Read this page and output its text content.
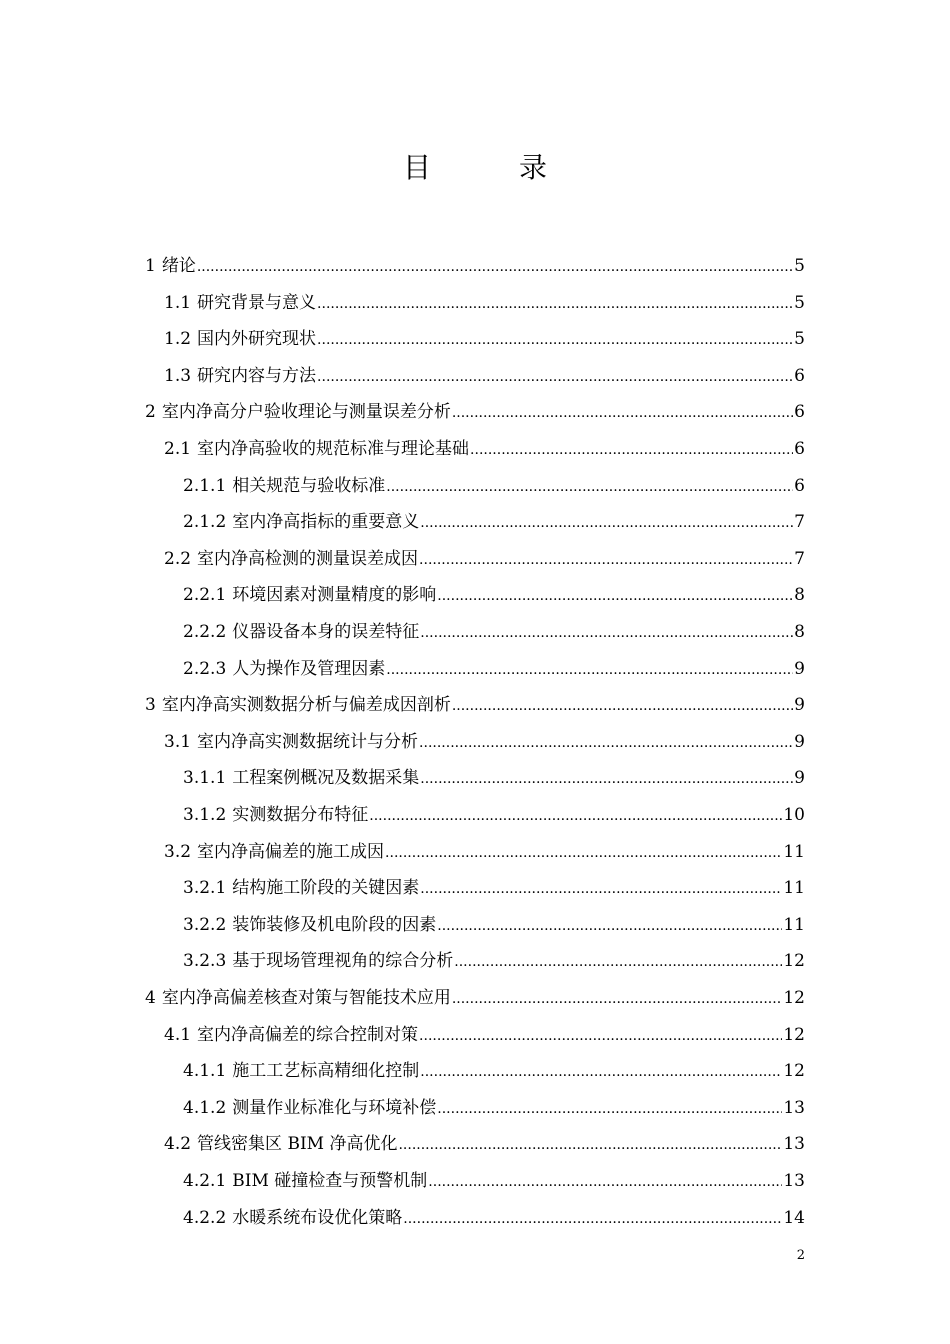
目　录
1 绪论 .....	5
1.1 研究背景与意义 .....	5
1.2 国内外研究现状 .....	5
1.3 研究内容与方法 .....	6
2 室内净高分户验收理论与测量误差分析 .....	6
2.1 室内净高验收的规范标准与理论基础 .....	6
2.1.1 相关规范与验收标准 .....	6
2.1.2 室内净高指标的重要意义 .....	7
2.2 室内净高检测的测量误差成因 .....	7
2.2.1 环境因素对测量精度的影响 .....	8
2.2.2 仪器设备本身的误差特征 .....	8
2.2.3 人为操作及管理因素 .....	9
3 室内净高实测数据分析与偏差成因剖析 .....	9
3.1 室内净高实测数据统计与分析 .....	9
3.1.1 工程案例概况及数据采集 .....	9
3.1.2 实测数据分布特征 .....	10
3.2 室内净高偏差的施工成因 .....	11
3.2.1 结构施工阶段的关键因素 .....	11
3.2.2 装饰装修及机电阶段的因素 .....	11
3.2.3 基于现场管理视角的综合分析 .....	12
4 室内净高偏差核查对策与智能技术应用 .....	12
4.1 室内净高偏差的综合控制对策 .....	12
4.1.1 施工工艺标高精细化控制 .....	12
4.1.2 测量作业标准化与环境补偿 .....	13
4.2 管线密集区 BIM 净高优化 .....	13
4.2.1 BIM 碰撞检查与预警机制 .....	13
4.2.2 水暖系统布设优化策略 .....	14
2
